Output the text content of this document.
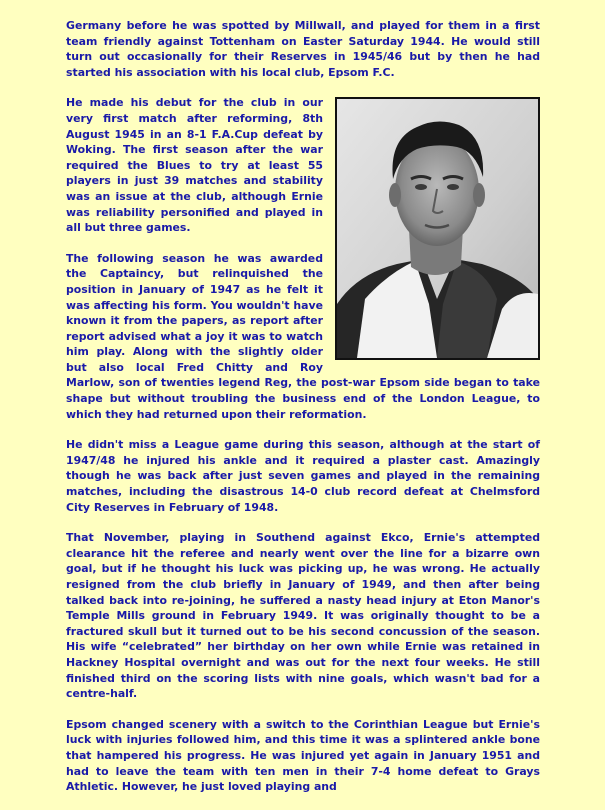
Germany before he was spotted by Millwall, and played for them in a first team friendly against Tottenham on Easter Saturday 1944. He would still turn out occasionally for their Reserves in 1945/46 but by then he had started his association with his local club, Epsom F.C.

He made his debut for the club in our very first match after reforming, 8th August 1945 in an 8-1 F.A.Cup defeat by Woking. The first season after the war required the Blues to try at least 55 players in just 39 matches and stability was an issue at the club, although Ernie was reliability personified and played in all but three games.

The following season he was awarded the Captaincy, but relinquished the position in January of 1947 as he felt it was affecting his form. You wouldn't have known it from the papers, as report after report advised what a joy it was to watch him play. Along with the slightly older but also local Fred Chitty and Roy Marlow, son of twenties legend Reg, the post-war Epsom side began to take shape but without troubling the business end of the London League, to which they had returned upon their reformation.

He didn't miss a League game during this season, although at the start of 1947/48 he injured his ankle and it required a plaster cast. Amazingly though he was back after just seven games and played in the remaining matches, including the disastrous 14-0 club record defeat at Chelmsford City Reserves in February of 1948.

That November, playing in Southend against Ekco, Ernie's attempted clearance hit the referee and nearly went over the line for a bizarre own goal, but if he thought his luck was picking up, he was wrong. He actually resigned from the club briefly in January of 1949, and then after being talked back into re-joining, he suffered a nasty head injury at Eton Manor's Temple Mills ground in February 1949. It was originally thought to be a fractured skull but it turned out to be his second concussion of the season. His wife “celebrated” her birthday on her own while Ernie was retained in Hackney Hospital overnight and was out for the next four weeks. He still finished third on the scoring lists with nine goals, which wasn't bad for a centre-half.

Epsom changed scenery with a switch to the Corinthian League but Ernie's luck with injuries followed him, and this time it was a splintered ankle bone that hampered his progress. He was injured yet again in January 1951 and had to leave the team with ten men in their 7-4 home defeat to Grays Athletic. However, he just loved playing and
